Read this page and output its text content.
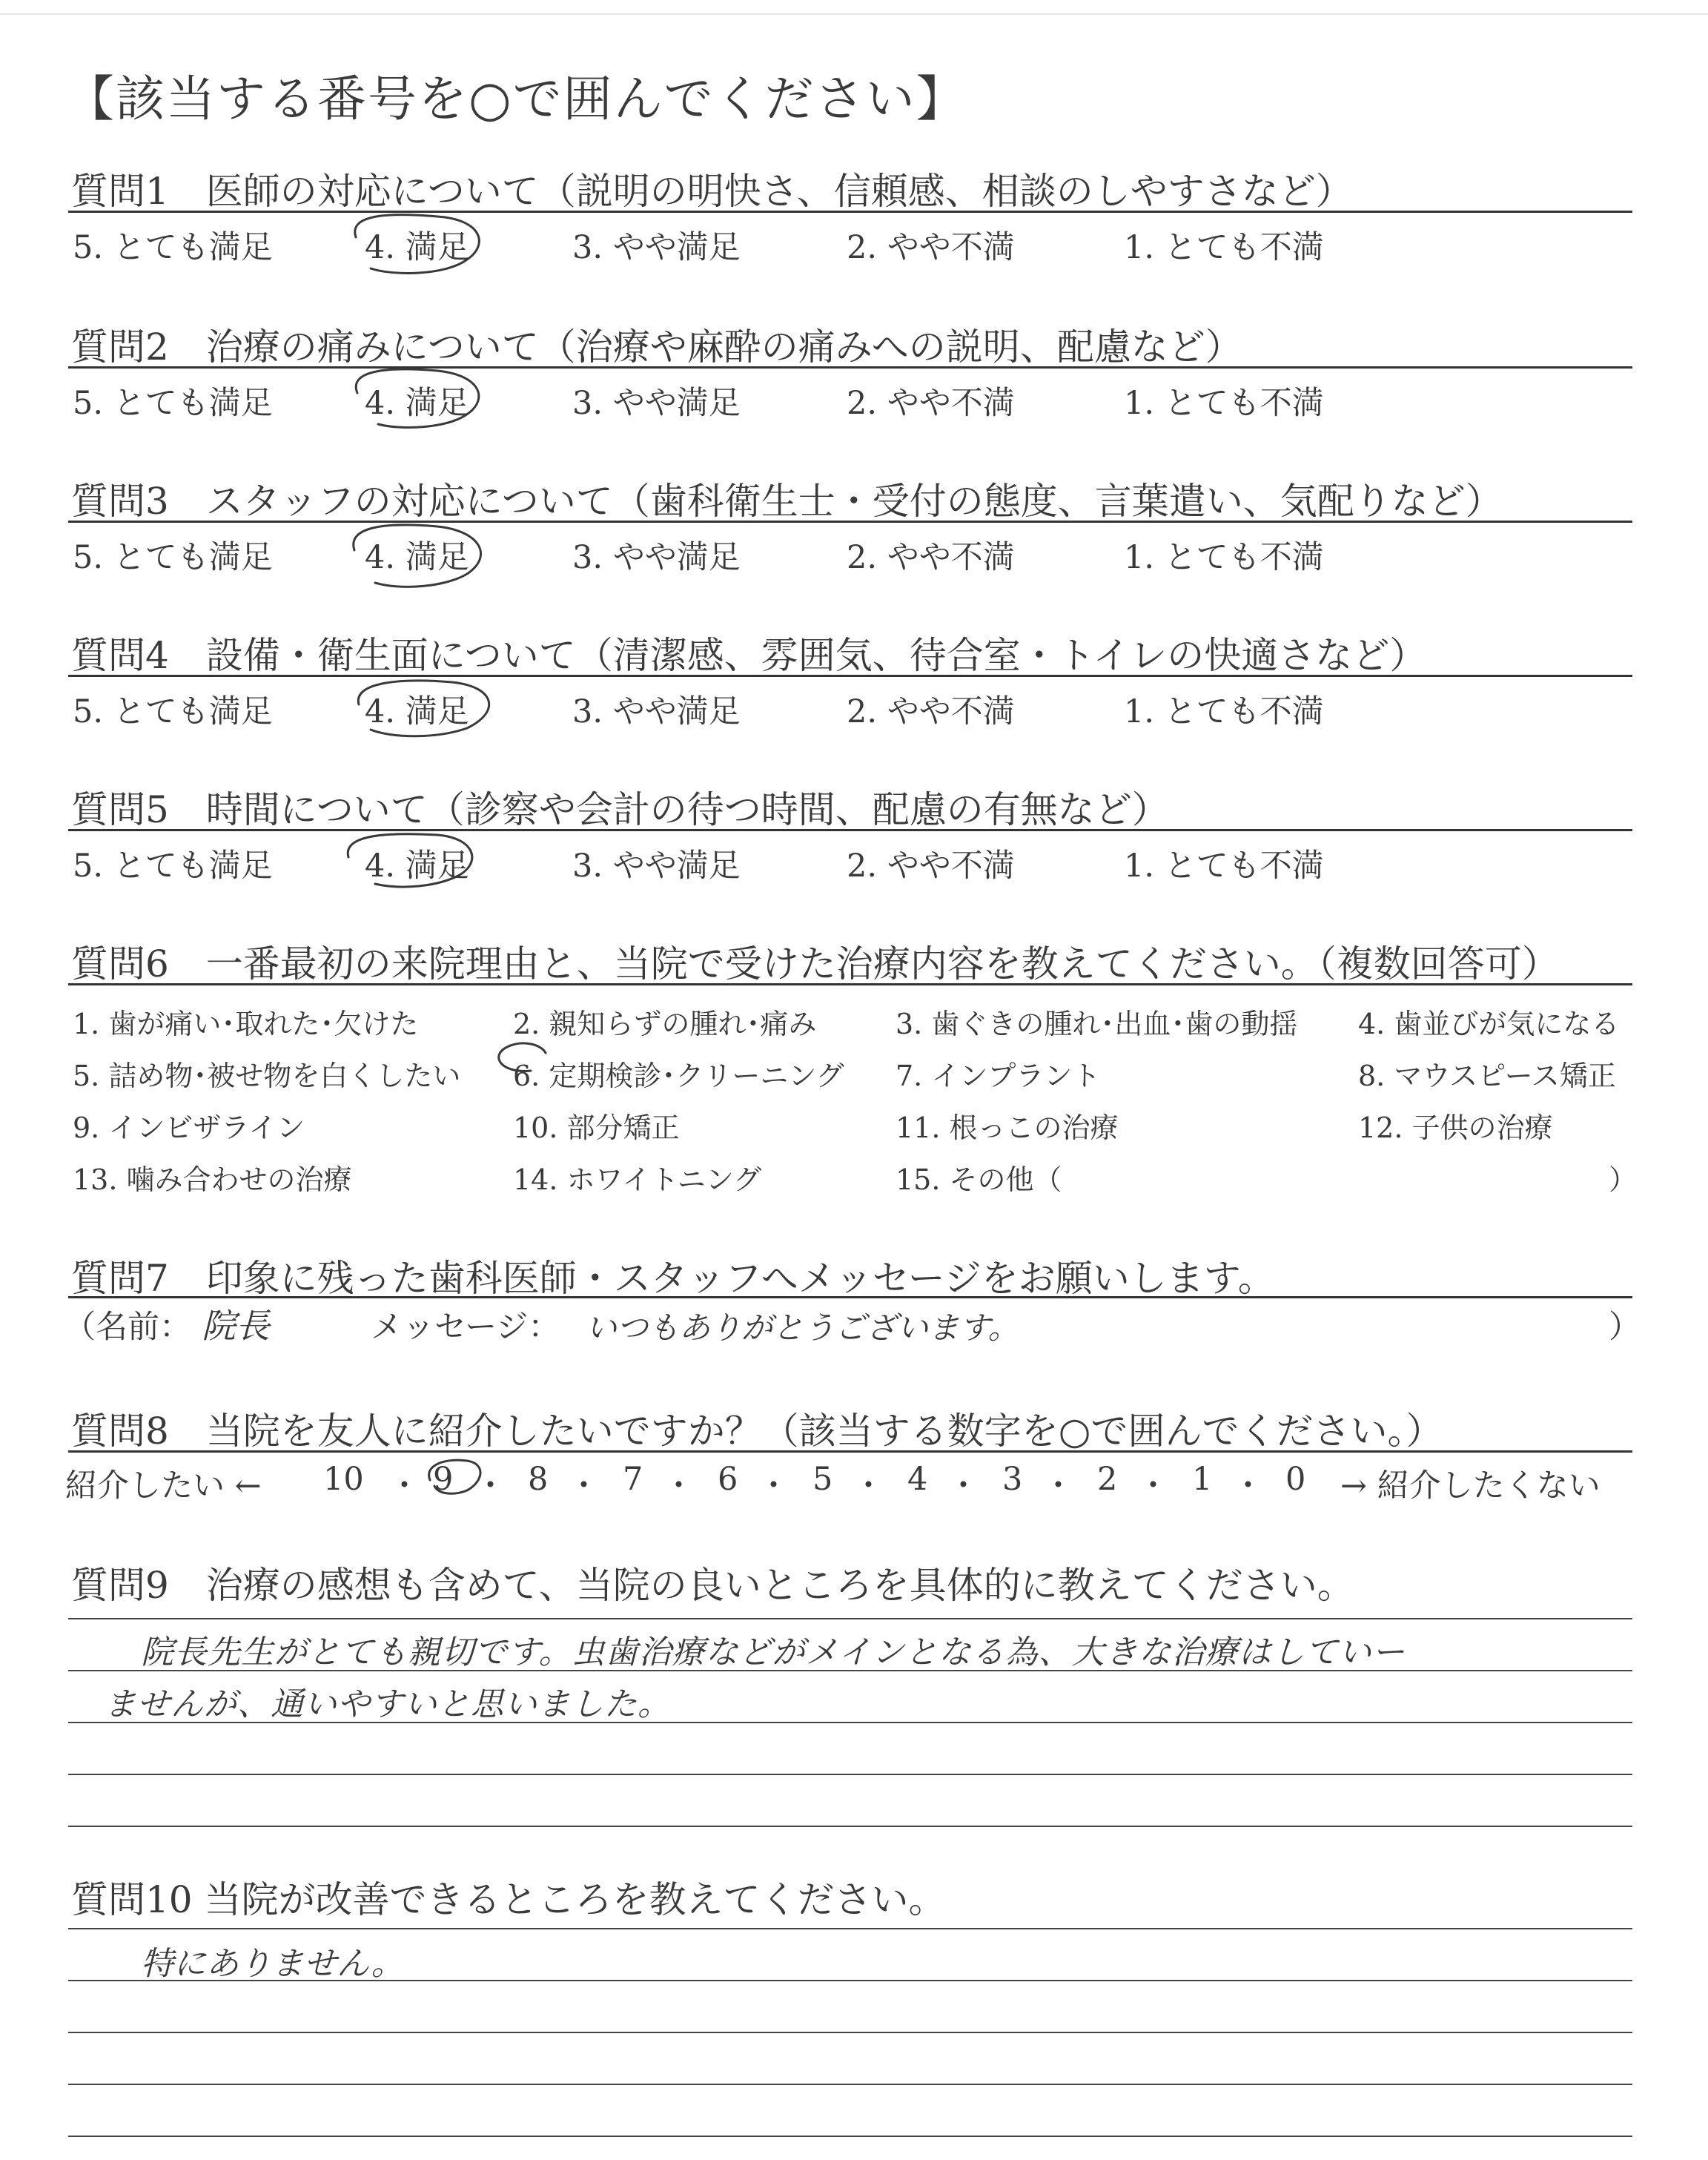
【該当する番号を○で囲んでください】
質問1　医師の対応について（説明の明快さ、信頼感、相談のしやすさなど）
5. とても満足	4. 満足	3. やや満足	2. やや不満	1. とても不満
質問2　治療の痛みについて（治療や麻酔の痛みへの説明、配慮など）
5. とても満足	4. 満足	3. やや満足	2. やや不満	1. とても不満
質問3　スタッフの対応について（歯科衛生士・受付の態度、言葉遣い、気配りなど）
5. とても満足	4. 満足	3. やや満足	2. やや不満	1. とても不満
質問4　設備・衛生面について（清潔感、雰囲気、待合室・トイレの快適さなど）
5. とても満足	4. 満足	3. やや満足	2. やや不満	1. とても不満
質問5　時間について（診察や会計の待つ時間、配慮の有無など）
5. とても満足	4. 満足	3. やや満足	2. やや不満	1. とても不満
質問6　一番最初の来院理由と、当院で受けた治療内容を教えてください。（複数回答可）
1. 歯が痛い･取れた･欠けた	2. 親知らずの腫れ･痛み	3. 歯ぐきの腫れ･出血･歯の動揺 4. 歯並びが気になる
5. 詰め物･被せ物を白くしたい 6. 定期検診･クリーニング 7. インプラント	8. マウスピース矯正
9. インビザライン	10. 部分矯正	11. 根っこの治療	12. 子供の治療
13. 噛み合わせの治療	14. ホワイトニング	15. その他（	）
質問7　印象に残った歯科医師・スタッフへメッセージをお願いします。
（名前： 院長	メッセージ： いつもありがとうございます。	）
質問8　当院を友人に紹介したいですか？（該当する数字を○で囲んでください。）
紹介したい ← 10 ・ 9 ・ 8 ・ 7 ・ 6 ・ 5 ・ 4 ・ 3 ・ 2 ・ 1 ・ 0 → 紹介したくない
質問9　治療の感想も含めて、当院の良いところを具体的に教えてください。
院長先生がとても親切です。虫歯治療などがメインとなる為、大きな治療はしていー
ませんが、通いやすいと思いました。
質問10 当院が改善できるところを教えてください。
特にありません。
